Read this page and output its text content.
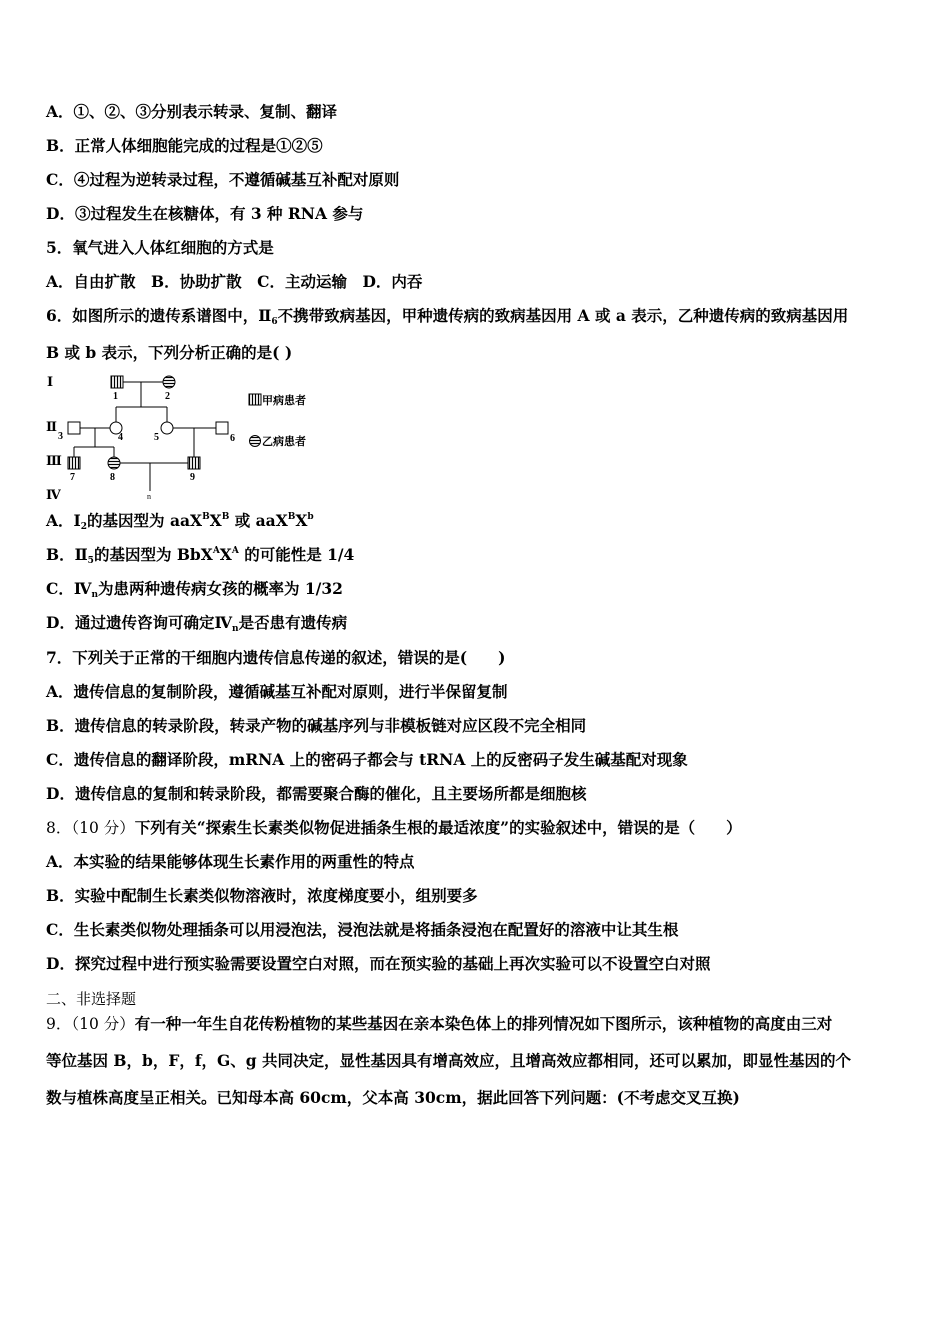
A．①、②、③分别表示转录、复制、翻译
B．正常人体细胞能完成的过程是①②⑤
C．④过程为逆转录过程，不遵循碱基互补配对原则
D．③过程发生在核糖体，有 3 种 RNA 参与
5．氧气进入人体红细胞的方式是
A．自由扩散　B．协助扩散　C．主动运输　D．内吞
6．如图所示的遗传系谱图中，$Ⅱ_6$不携带致病基因，甲种遗传病的致病基因用 A 或 a 表示，乙种遗传病的致病基因用
B 或 b 表示，下列分析正确的是( )
Ⅰ
Ⅱ
Ⅲ
Ⅳ
1	2
3	4	5	6
7	8	9
n
甲病患者
乙病患者
A．$Ⅰ_2$的基因型为 $aaX^BX^B$ 或 $aaX^BX^b$
B．$Ⅱ_5$的基因型为 $BbX^AX^A$ 的可能性是 1/4
C．$Ⅳ_n$为患两种遗传病女孩的概率为 1/32
D．通过遗传咨询可确定$Ⅳ_n$是否患有遗传病
7．下列关于正常的干细胞内遗传信息传递的叙述，错误的是(　　)
A．遗传信息的复制阶段，遵循碱基互补配对原则，进行半保留复制
B．遗传信息的转录阶段，转录产物的碱基序列与非模板链对应区段不完全相同
C．遗传信息的翻译阶段，mRNA 上的密码子都会与 tRNA 上的反密码子发生碱基配对现象
D．遗传信息的复制和转录阶段，都需要聚合酶的催化，且主要场所都是细胞核
8．（10 分）下列有关“探索生长素类似物促进插条生根的最适浓度”的实验叙述中，错误的是（　　）
A．本实验的结果能够体现生长素作用的两重性的特点
B．实验中配制生长素类似物溶液时，浓度梯度要小，组别要多
C．生长素类似物处理插条可以用浸泡法，浸泡法就是将插条浸泡在配置好的溶液中让其生根
D．探究过程中进行预实验需要设置空白对照，而在预实验的基础上再次实验可以不设置空白对照
二、非选择题
9．（10 分）有一种一年生自花传粉植物的某些基因在亲本染色体上的排列情况如下图所示，该种植物的高度由三对
等位基因 B，b，F，f，G、g 共同决定，显性基因具有增高效应，且增高效应都相同，还可以累加，即显性基因的个
数与植株高度呈正相关。已知母本高 60cm，父本高 30cm，据此回答下列问题：(不考虑交叉互换)
